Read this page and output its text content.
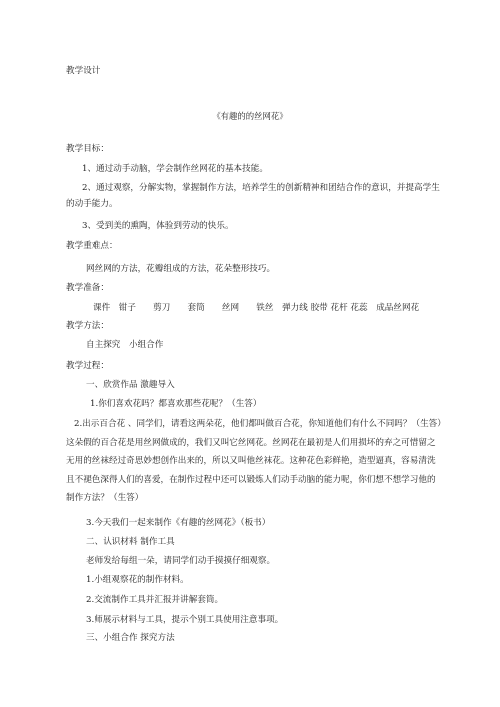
教学设计
《有趣的的丝网花》
教学目标：
1、通过动手动脑，学会制作丝网花的基本技能。
2、通过观察，分解实物，掌握制作方法，培养学生的创新精神和团结合作的意识，并提高学生的动手能力。
3、受到美的熏陶，体验到劳动的快乐。
教学重难点：
网丝网的方法，花瓣组成的方法，花朵整形技巧。
教学准备：
课件　钳子　　剪刀　　套筒　　丝网　　铁丝　弹力线 胶带 花杆 花蕊　成品丝网花
教学方法：
自主探究　小组合作
教学过程：
一、欣赏作品 激趣导入
1.你们喜欢花吗？都喜欢那些花呢？（生答）
2.出示百合花 、同学们，请看这两朵花，他们都叫做百合花，你知道他们有什么不同吗？（生答）这朵假的百合花是用丝网做成的，我们又叫它丝网花。丝网花在最初是人们用损坏的弃之可惜留之无用的丝袜经过奇思妙想创作出来的，所以又叫他丝袜花。这种花色彩鲜艳，造型逼真，容易清洗且不褪色深得人们的喜爱，在制作过程中还可以锻炼人们动手动脑的能力呢，你们想不想学习他的制作方法？（生答）
3.今天我们一起来制作《有趣的丝网花》（板书）
二、认识材料 制作工具
老师发给每组一朵，请同学们动手摸摸仔细观察。
1.小组观察花的制作材料。
2.交流制作工具并汇报并讲解套筒。
3.师展示材料与工具，提示个别工具使用注意事项。
三、小组合作 探究方法
